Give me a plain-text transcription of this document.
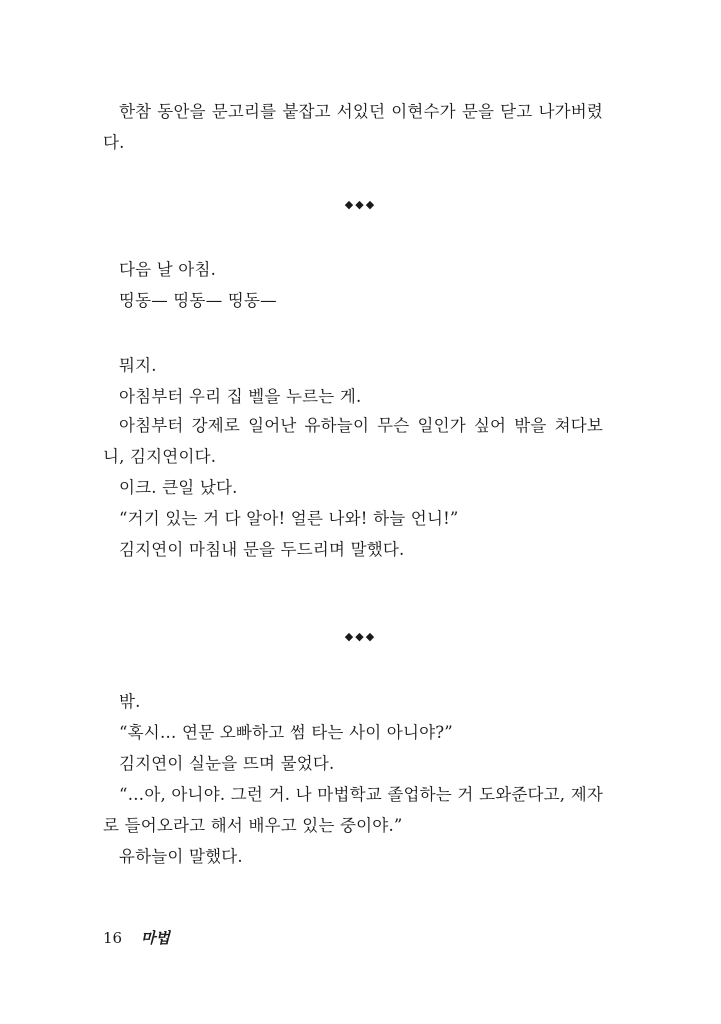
한참 동안을 문고리를 붙잡고 서있던 이현수가 문을 닫고 나가버렸다.

◆◆◆

다음 날 아침.

띵동— 띵동— 띵동—

뭐지.

아침부터 우리 집 벨을 누르는 게.

아침부터 강제로 일어난 유하늘이 무슨 일인가 싶어 밖을 쳐다보니, 김지연이다.

이크. 큰일 났다.

“거기 있는 거 다 알아! 얼른 나와! 하늘 언니!”

김지연이 마침내 문을 두드리며 말했다.

◆◆◆

밖.

“혹시… 연문 오빠하고 썸 타는 사이 아니야?”

김지연이 실눈을 뜨며 물었다.

“…아, 아니야. 그런 거. 나 마법학교 졸업하는 거 도와준다고, 제자로 들어오라고 해서 배우고 있는 중이야.”

유하늘이 말했다.

16 마법
